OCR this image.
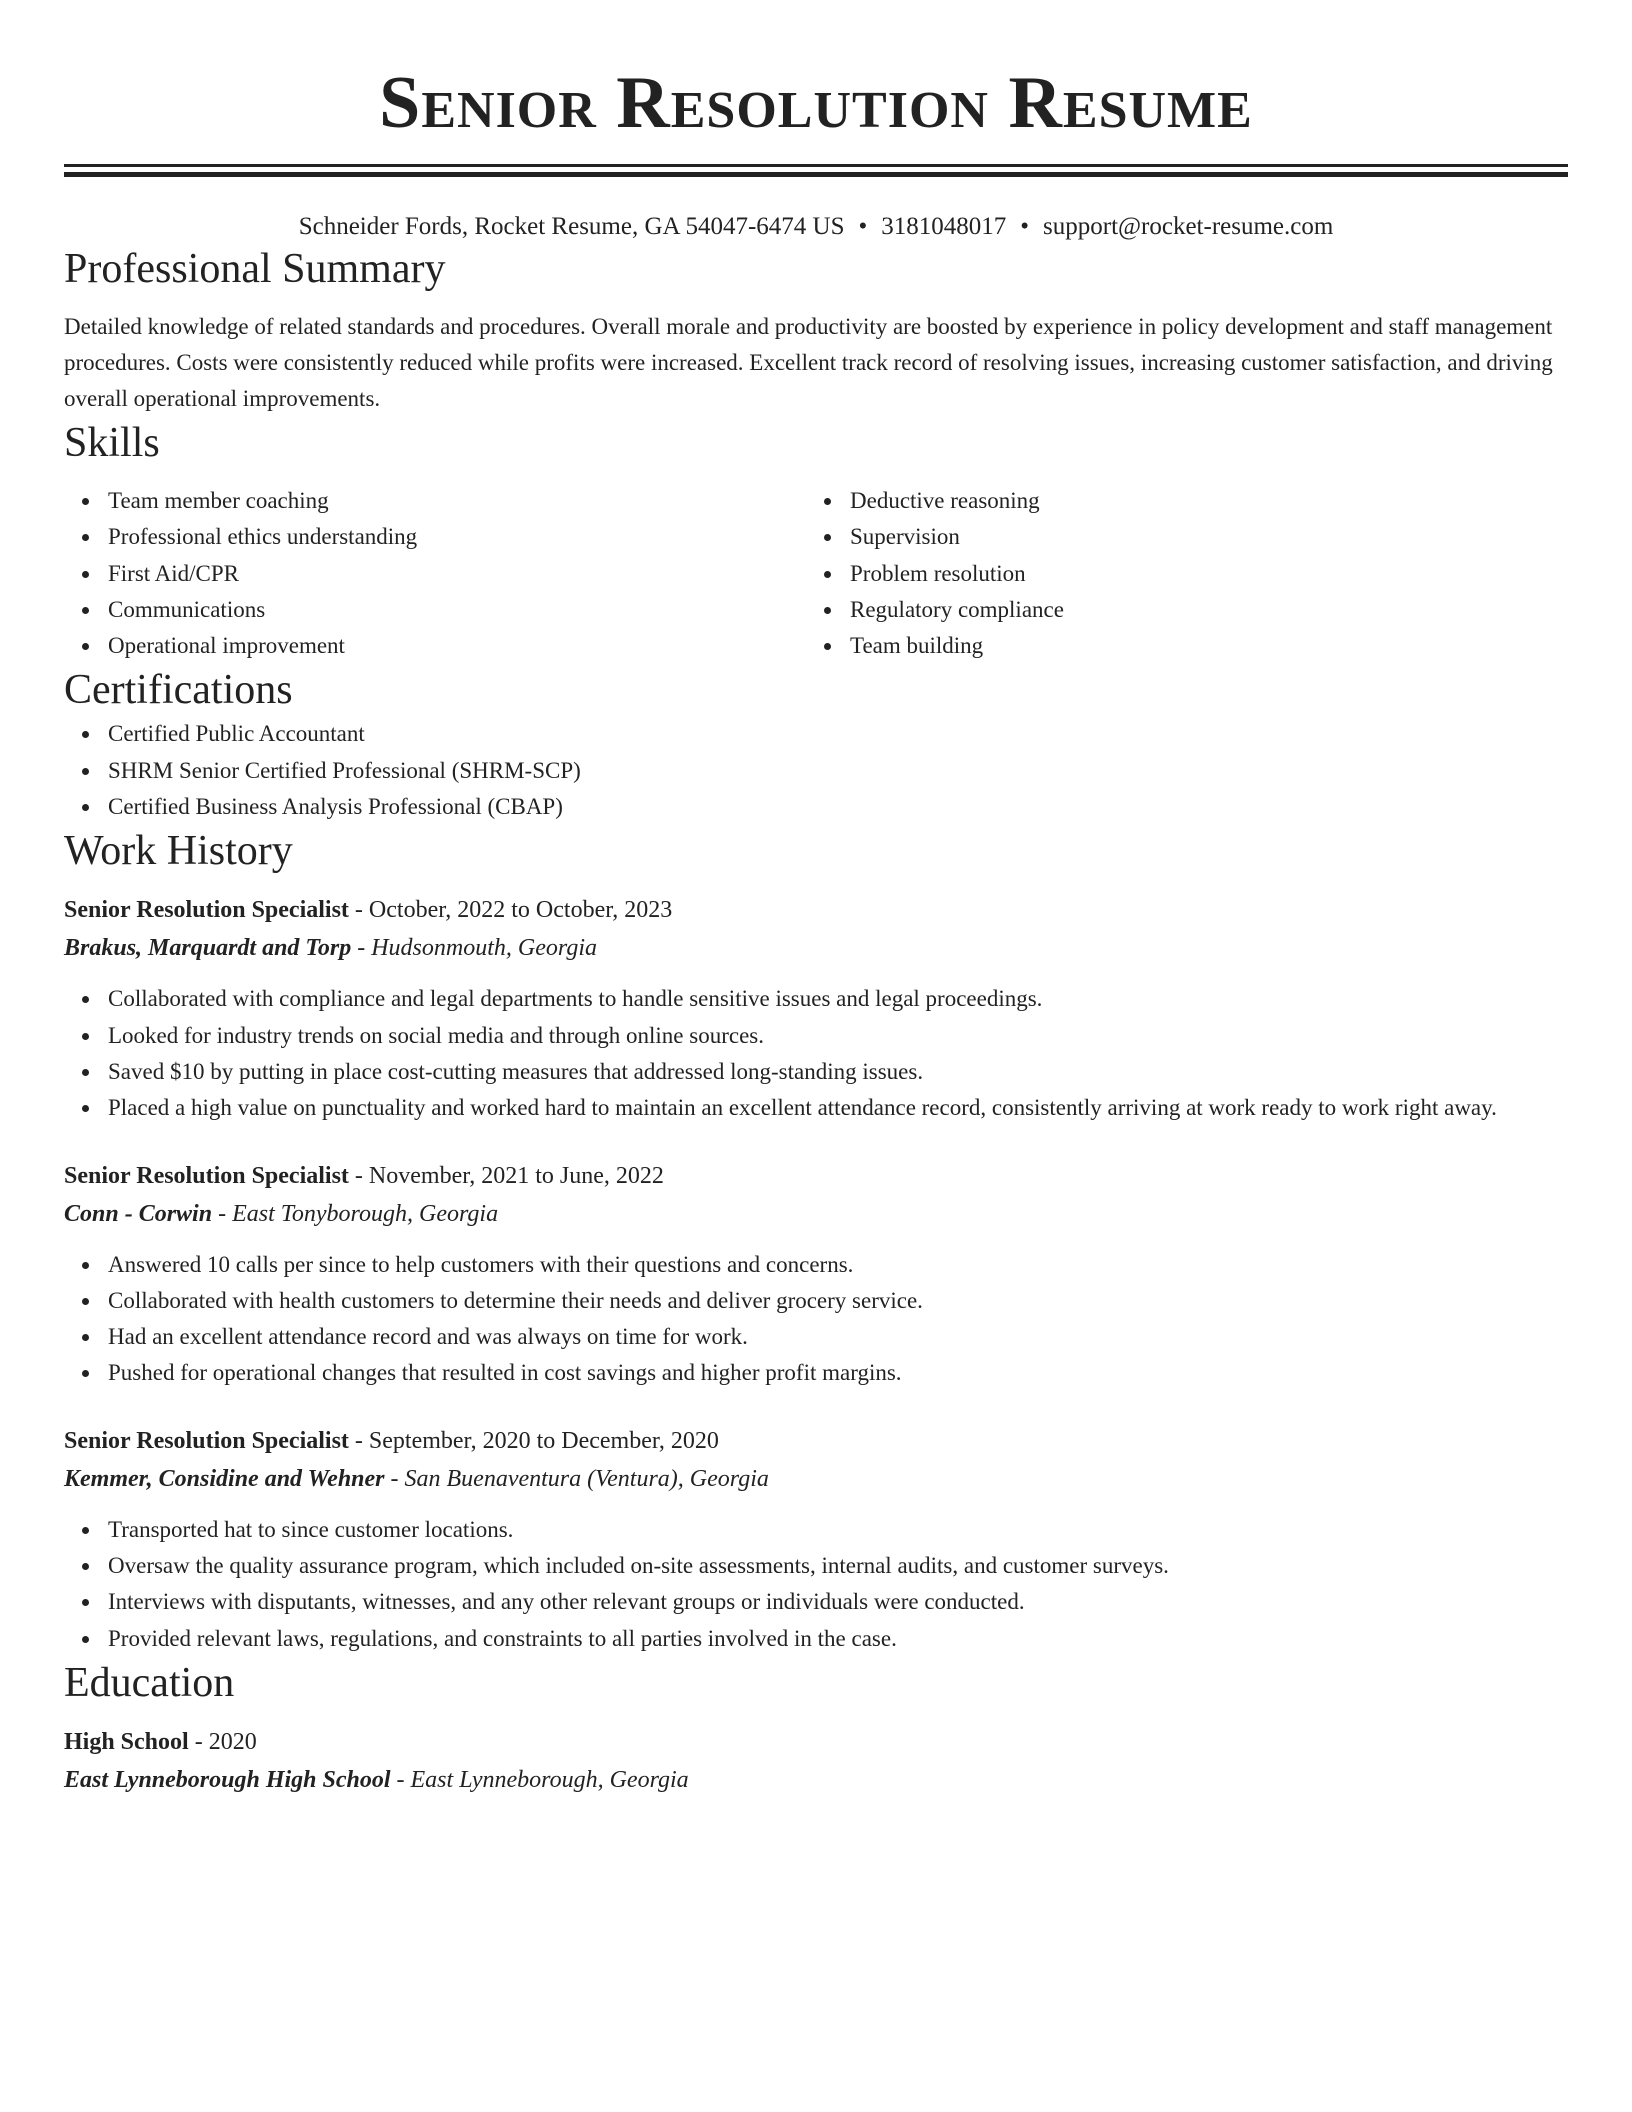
Senior Resolution Resume
Schneider Fords, Rocket Resume, GA 54047-6474 US • 3181048017 • support@rocket-resume.com
Professional Summary

Detailed knowledge of related standards and procedures. Overall morale and productivity are boosted by experience in policy development and staff management procedures. Costs were consistently reduced while profits were increased. Excellent track record of resolving issues, increasing customer satisfaction, and driving overall operational improvements.

Skills
Team member coaching
Professional ethics understanding
First Aid/CPR
Communications
Operational improvement
Deductive reasoning
Supervision
Problem resolution
Regulatory compliance
Team building
Certifications
Certified Public Accountant
SHRM Senior Certified Professional (SHRM-SCP)
Certified Business Analysis Professional (CBAP)
Work History
Senior Resolution Specialist - October, 2022 to October, 2023
Brakus, Marquardt and Torp - Hudsonmouth, Georgia
Collaborated with compliance and legal departments to handle sensitive issues and legal proceedings.
Looked for industry trends on social media and through online sources.
Saved $10 by putting in place cost-cutting measures that addressed long-standing issues.
Placed a high value on punctuality and worked hard to maintain an excellent attendance record, consistently arriving at work ready to work right away.
Senior Resolution Specialist - November, 2021 to June, 2022
Conn - Corwin - East Tonyborough, Georgia
Answered 10 calls per since to help customers with their questions and concerns.
Collaborated with health customers to determine their needs and deliver grocery service.
Had an excellent attendance record and was always on time for work.
Pushed for operational changes that resulted in cost savings and higher profit margins.
Senior Resolution Specialist - September, 2020 to December, 2020
Kemmer, Considine and Wehner - San Buenaventura (Ventura), Georgia
Transported hat to since customer locations.
Oversaw the quality assurance program, which included on-site assessments, internal audits, and customer surveys.
Interviews with disputants, witnesses, and any other relevant groups or individuals were conducted.
Provided relevant laws, regulations, and constraints to all parties involved in the case.
Education
High School - 2020
East Lynneborough High School - East Lynneborough, Georgia
